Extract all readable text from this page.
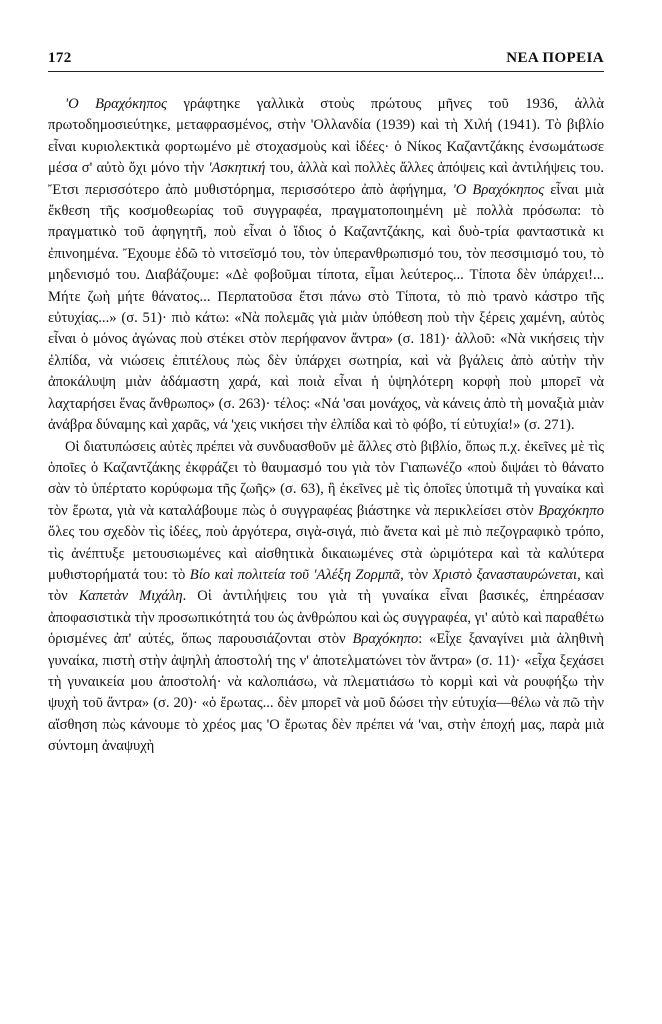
172	ΝΕΑ ΠΟΡΕΙΑ

'Ο Βραχόκηπος γράφτηκε γαλλικὰ στοὺς πρώτους μῆνες τοῦ 1936, ἀλλὰ πρωτοδημοσιεύτηκε, μεταφρασμένος, στὴν 'Ολλανδία (1939) καὶ τὴ Χιλή (1941). Τὸ βιβλίο εἶναι κυριολεκτικὰ φορτωμένο μὲ στοχασμοὺς καὶ ἰδέες· ὁ Νίκος Καζαντζάκης ἐνσωμάτωσε μέσα σ' αὐτὸ ὄχι μόνο τὴν 'Ασκητική του, ἀλλὰ καὶ πολλὲς ἄλλες ἀπόψεις καὶ ἀντιλήψεις του. Ἔτσι περισσότερο ἀπὸ μυθιστόρημα, περισσότερο ἀπὸ ἀφήγημα, 'Ο Βραχόκηπος εἶναι μιὰ ἔκθεση τῆς κοσμοθεωρίας τοῦ συγγραφέα, πραγματοποιημένη μὲ πολλὰ πρόσωπα: τὸ πραγματικὸ τοῦ ἀφηγητῆ, ποὺ εἶναι ὁ ἴδιος ὁ Καζαντζάκης, καὶ δυὸ-τρία φανταστικὰ κι ἐπινοημένα. Ἔχουμε ἐδῶ τὸ νιτσεϊσμό του, τὸν ὑπερανθρωπισμό του, τὸν πεσσιμισμό του, τὸ μηδενισμό του. Διαβάζουμε: «Δὲ φοβοῦμαι τίποτα, εἶμαι λεύτερος... Τίποτα δὲν ὑπάρχει!... Μήτε ζωὴ μήτε θάνατος... Περπατοῦσα ἔτσι πάνω στὸ Τίποτα, τὸ πιὸ τρανὸ κάστρο τῆς εὐτυχίας...» (σ. 51)· πιὸ κάτω: «Νὰ πολεμᾶς γιὰ μιὰν ὑπόθεση ποὺ τὴν ξέρεις χαμένη, αὐτὸς εἶναι ὁ μόνος ἀγώνας ποὺ στέκει στὸν περήφανον ἄντρα» (σ. 181)· ἀλλοῦ: «Νὰ νικήσεις τὴν ἐλπίδα, νὰ νιώσεις ἐπιτέλους πὼς δὲν ὑπάρχει σωτηρία, καὶ νὰ βγάλεις ἀπὸ αὐτὴν τὴν ἀποκάλυψη μιὰν ἀδάμαστη χαρά, καὶ ποιὰ εἶναι ἡ ὑψηλότερη κορφὴ ποὺ μπορεῖ νὰ λαχταρήσει ἕνας ἄνθρωπος» (σ. 263)· τέλος: «Νά 'σαι μονάχος, νὰ κάνεις ἀπὸ τὴ μοναξιὰ μιὰν ἀνάβρα δύναμης καὶ χαρᾶς, νά 'χεις νικήσει τὴν ἐλπίδα καὶ τὸ φόβο, τί εὐτυχία!» (σ. 271).

Οἱ διατυπώσεις αὐτὲς πρέπει νὰ συνδυασθοῦν μὲ ἄλλες στὸ βιβλίο, ὅπως π.χ. ἐκεῖνες μὲ τὶς ὁποῖες ὁ Καζαντζάκης ἐκφράζει τὸ θαυμασμό του γιὰ τὸν Γιαπωνέζο «ποὺ διψάει τὸ θάνατο σὰν τὸ ὑπέρτατο κορύφωμα τῆς ζωῆς» (σ. 63), ἢ ἐκεῖνες μὲ τὶς ὁποῖες ὑποτιμᾶ τὴ γυναίκα καὶ τὸν ἔρωτα, γιὰ νὰ καταλάβουμε πὼς ὁ συγγραφέας βιάστηκε νὰ περικλείσει στὸν Βραχόκηπο ὅλες του σχεδὸν τὶς ἰδέες, ποὺ ἀργότερα, σιγὰ-σιγά, πιὸ ἄνετα καὶ μὲ πιὸ πεζογραφικὸ τρόπο, τὶς ἀνέπτυξε μετουσιωμένες καὶ αἰσθητικὰ δικαιωμένες στὰ ὡριμότερα καὶ τὰ καλύτερα μυθιστορήματά του: τὸ Βίο καὶ πολιτεία τοῦ 'Αλέξη Ζορμπᾶ, τὸν Χριστὸ ξανασταυρώνεται, καὶ τὸν Καπετὰν Μιχάλη. Οἱ ἀντιλήψεις του γιὰ τὴ γυναίκα εἶναι βασικές, ἐπηρέασαν ἀποφασιστικὰ τὴν προσωπικότητά του ὡς ἀνθρώπου καὶ ὡς συγγραφέα, γι' αὐτὸ καὶ παραθέτω ὁρισμένες ἀπ' αὐτές, ὅπως παρουσιάζονται στὸν Βραχόκηπο: «Εἶχε ξαναγίνει μιὰ ἀληθινὴ γυναίκα, πιστὴ στὴν ἀψηλὴ ἀποστολή της ν' ἀποτελματώνει τὸν ἄντρα» (σ. 11)· «εἶχα ξεχάσει τὴ γυναικεία μου ἀποστολή· νὰ καλοπιάσω, νὰ πλεματιάσω τὸ κορμὶ καὶ νὰ ρουφήξω τὴν ψυχὴ τοῦ ἄντρα» (σ. 20)· «ὁ ἔρωτας... δὲν μπορεῖ νὰ μοῦ δώσει τὴν εὐτυχία—θέλω νὰ πῶ τὴν αἴσθηση πὼς κάνουμε τὸ χρέος μας 'Ο ἔρωτας δὲν πρέπει νά 'ναι, στὴν ἐποχή μας, παρὰ μιὰ σύντομη ἀναψυχὴ
